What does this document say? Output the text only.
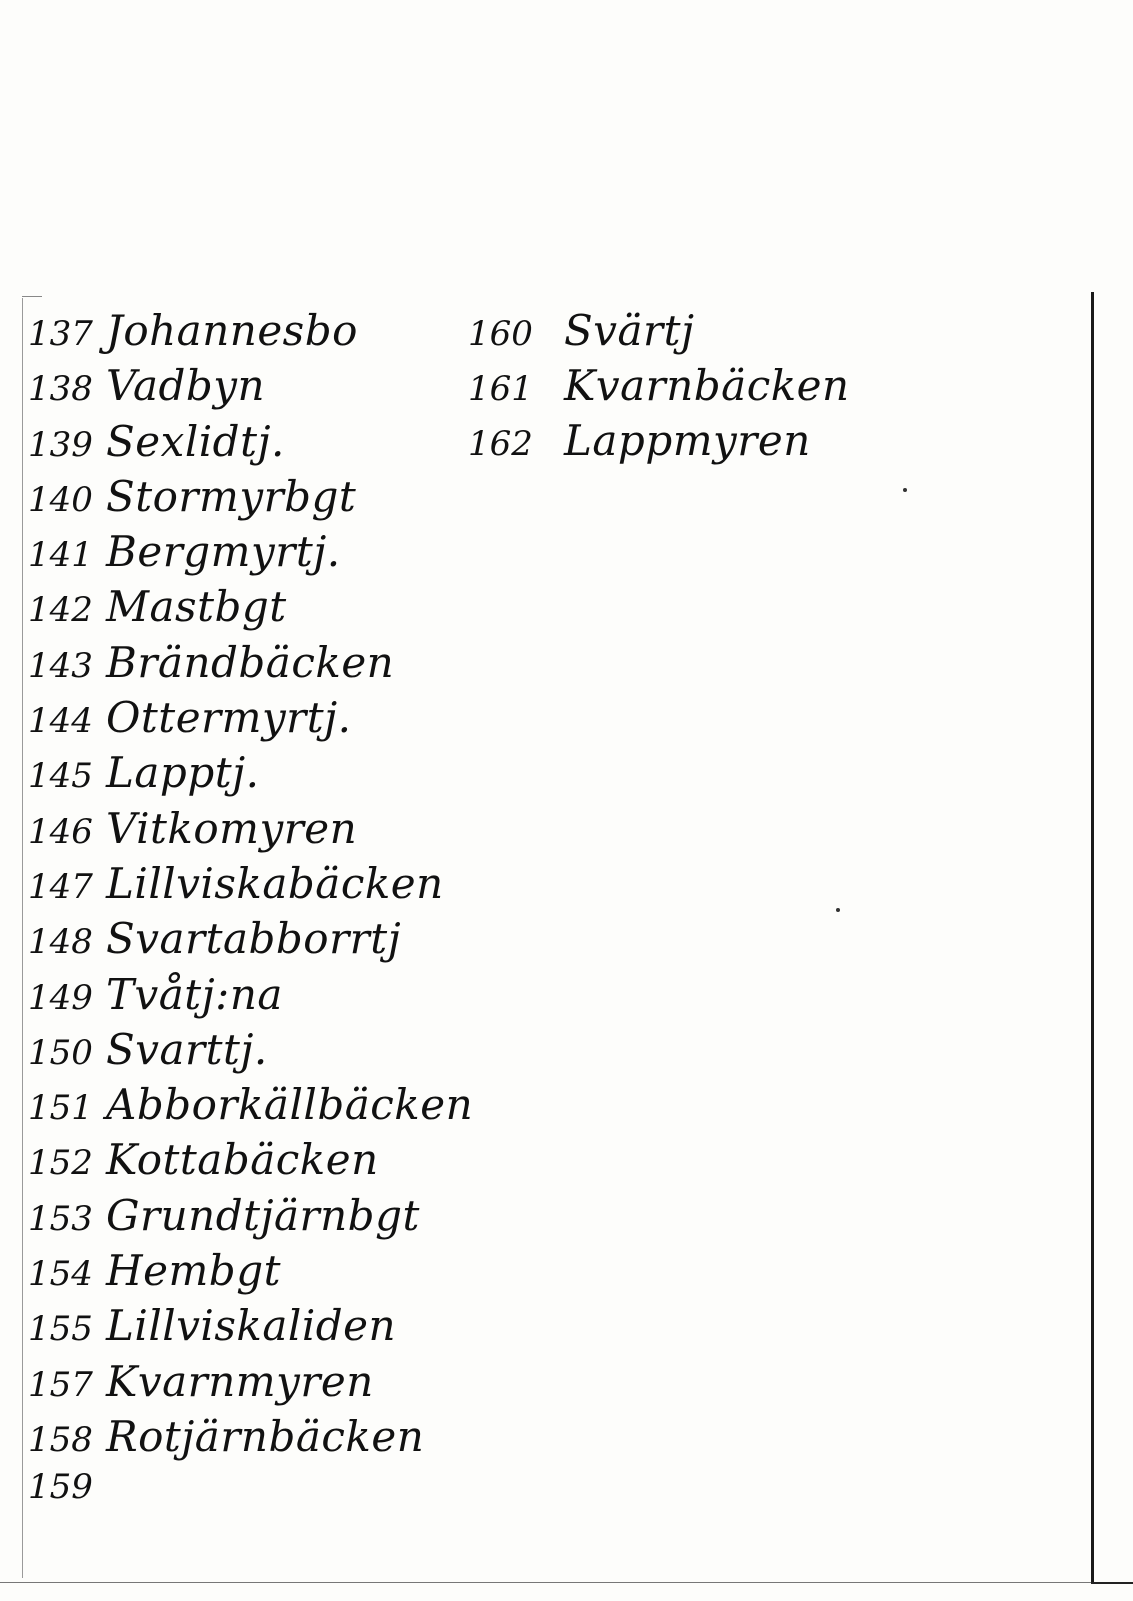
137 Johannesbo
138 Vadbyn
139 Sexlidtj.
140 Stormyrbgt
141 Bergmyrtj.
142 Mastbgt
143 Brändbäcken
144 Ottermyrtj.
145 Lapptj.
146 Vitkomyren
147 Lillviskabäcken
148 Svartabborrtj
149 Tvåtj:na
150 Svarttj.
151 Abborkällbäcken
152 Kottabäcken
153 Grundtjärnbgt
154 Hembgt
155 Lillviskaliden
157 Kvarnmyren
158 Rotjärnbäcken
159
160 Svärtj
161 Kvarnbäcken
162 Lappmyren
